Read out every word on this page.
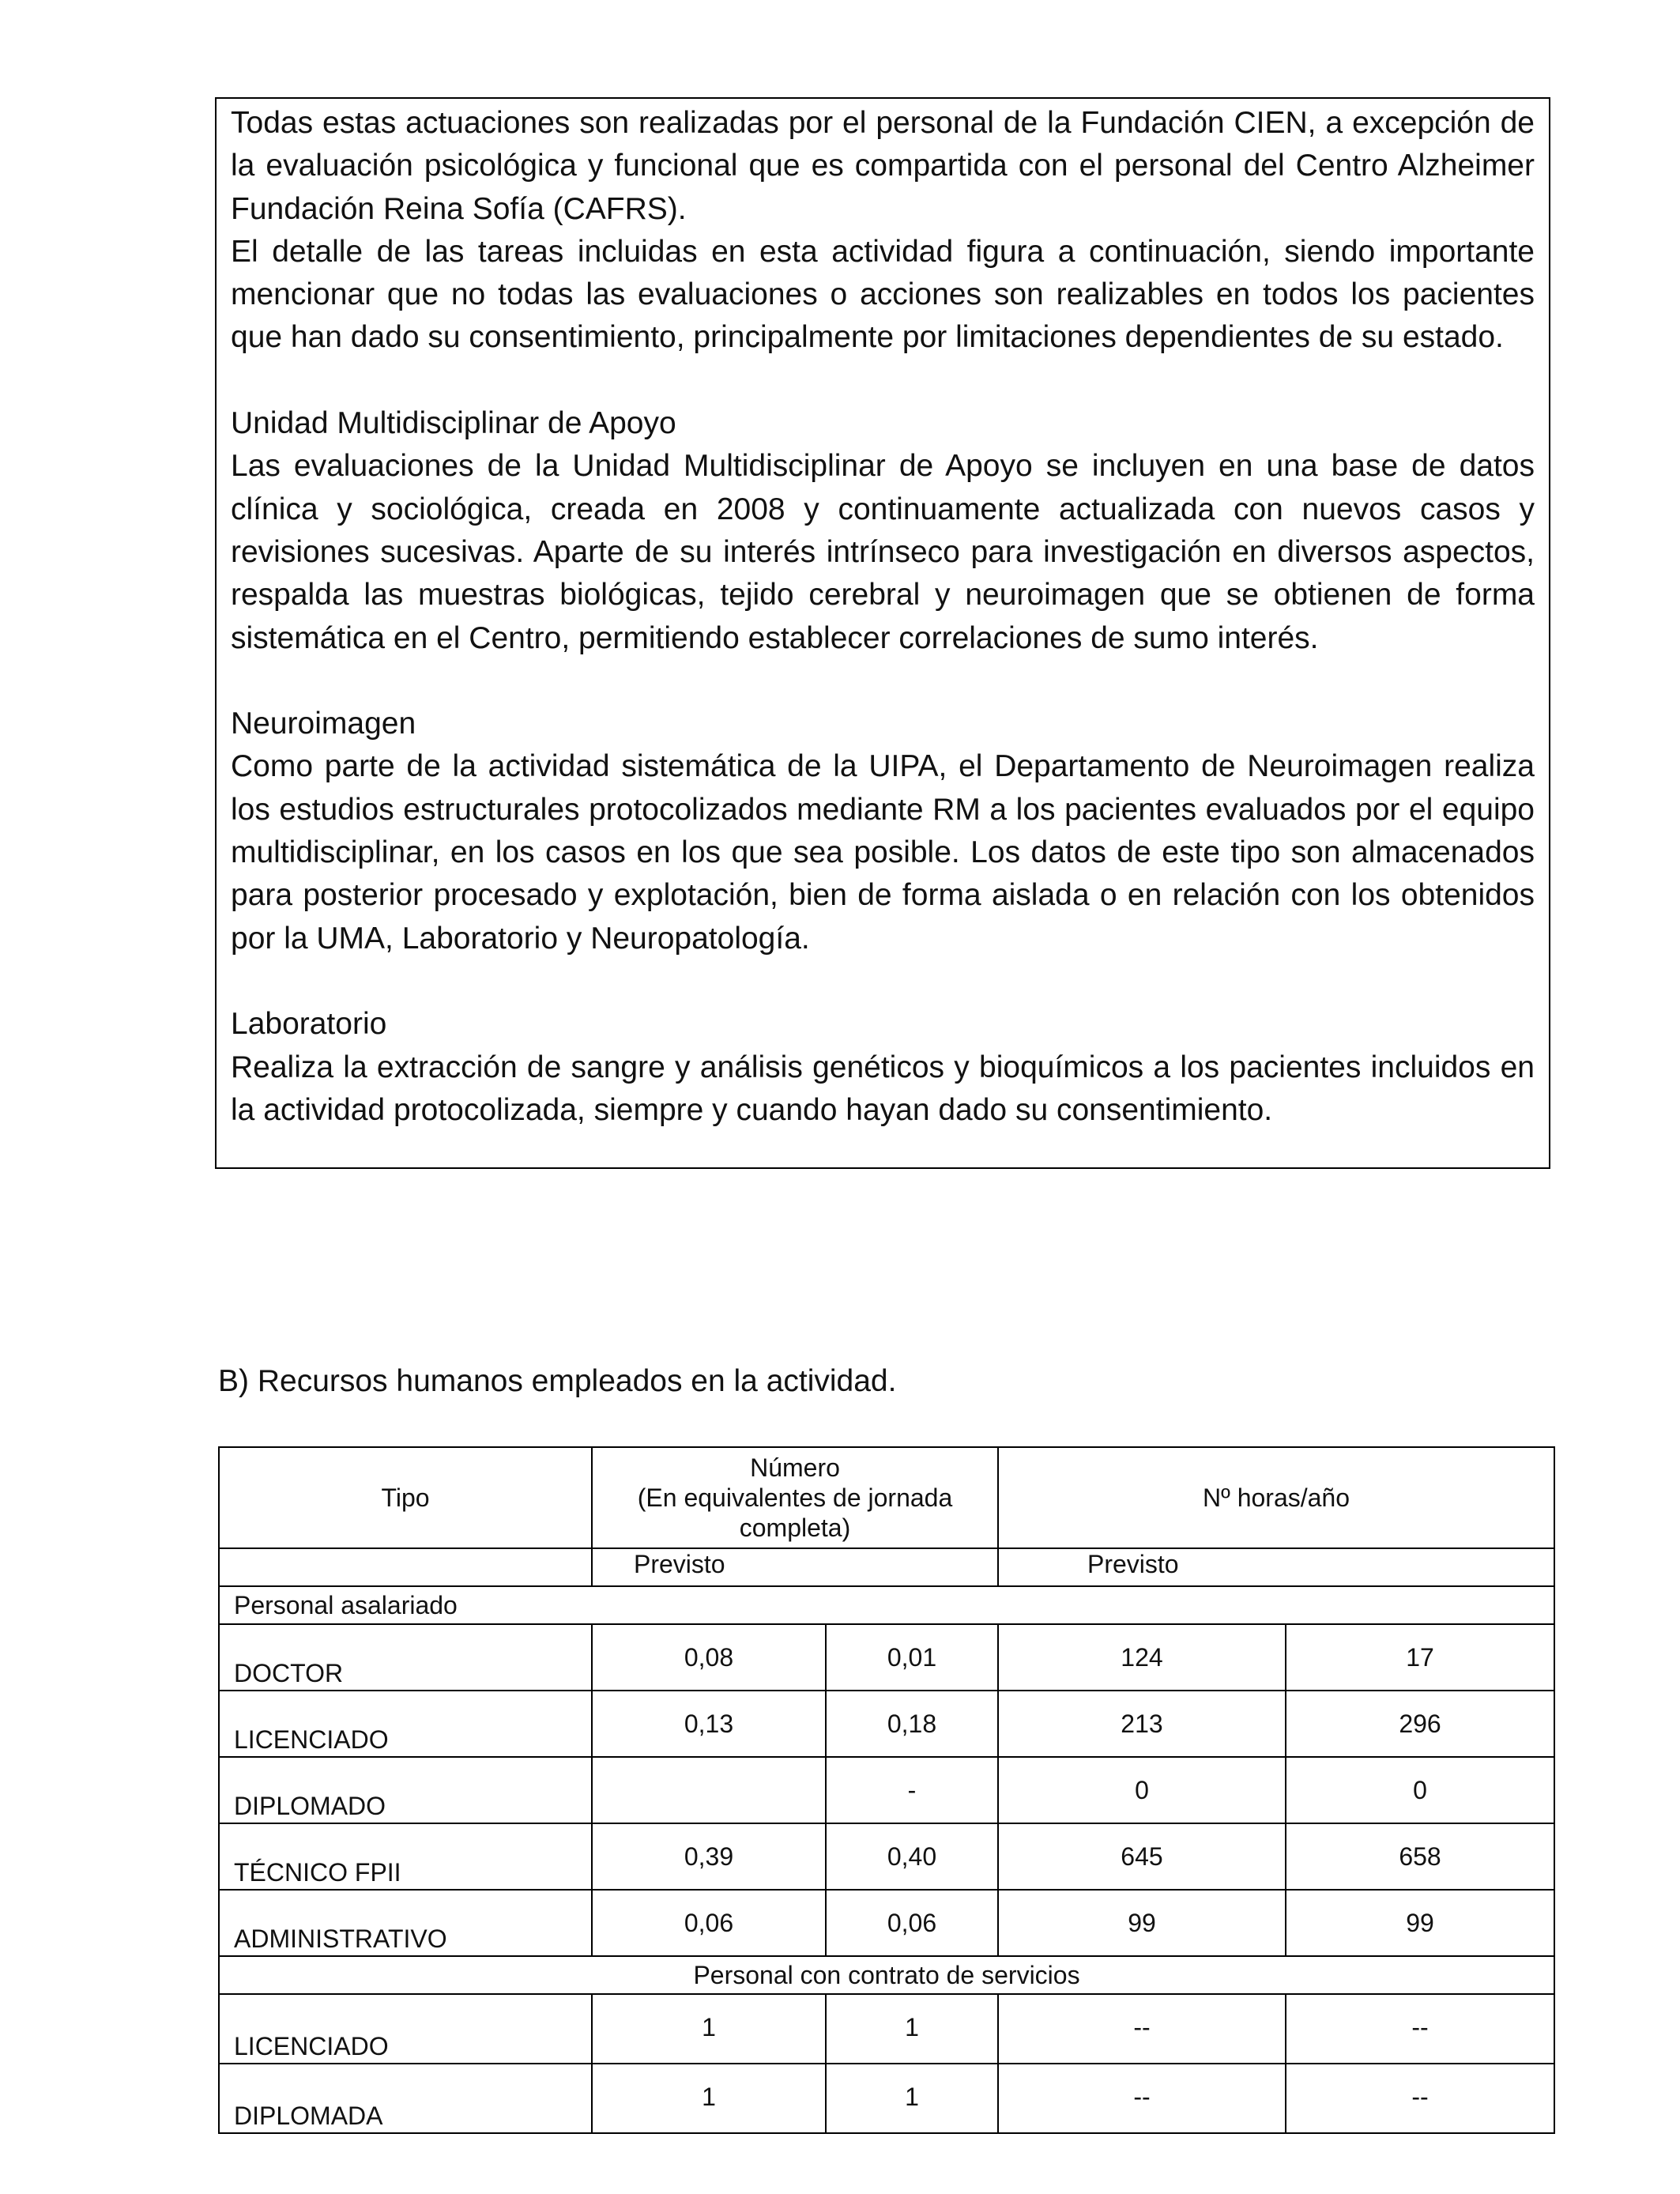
Todas estas actuaciones son realizadas por el personal de la Fundación CIEN, a excepción de la evaluación psicológica y funcional que es compartida con el personal del Centro Alzheimer Fundación Reina Sofía (CAFRS).

El detalle de las tareas incluidas en esta actividad figura a continuación, siendo importante mencionar que no todas las evaluaciones o acciones son realizables en todos los pacientes que han dado su consentimiento, principalmente por limitaciones dependientes de su estado.

Unidad Multidisciplinar de Apoyo

Las evaluaciones de la Unidad Multidisciplinar de Apoyo se incluyen en una base de datos clínica y sociológica, creada en 2008 y continuamente actualizada con nuevos casos y revisiones sucesivas. Aparte de su interés intrínseco para investigación en diversos aspectos, respalda las muestras biológicas, tejido cerebral y neuroimagen que se obtienen de forma sistemática en el Centro, permitiendo establecer correlaciones de sumo interés.

Neuroimagen

Como parte de la actividad sistemática de la UIPA, el Departamento de Neuroimagen realiza los estudios estructurales protocolizados mediante RM a los pacientes evaluados por el equipo multidisciplinar, en los casos en los que sea posible. Los datos de este tipo son almacenados para posterior procesado y explotación, bien de forma aislada o en relación con los obtenidos por la UMA, Laboratorio y Neuropatología.

Laboratorio

Realiza la extracción de sangre y análisis genéticos y bioquímicos a los pacientes incluidos en la actividad protocolizada, siempre y cuando hayan dado su consentimiento.

B) Recursos humanos empleados en la actividad.

Tipo	Número
(En equivalentes de jornada
completa)		Nº horas/año	
	Previsto		Previsto	
Personal asalariado				
DOCTOR	0,08	0,01	124	17
LICENCIADO	0,13	0,18	213	296
DIPLOMADO		-	0	0
TÉCNICO FPII	0,39	0,40	645	658
ADMINISTRATIVO	0,06	0,06	99	99
Personal con contrato de servicios				
LICENCIADO	1	1	--	--
DIPLOMADA	1	1	--	--
